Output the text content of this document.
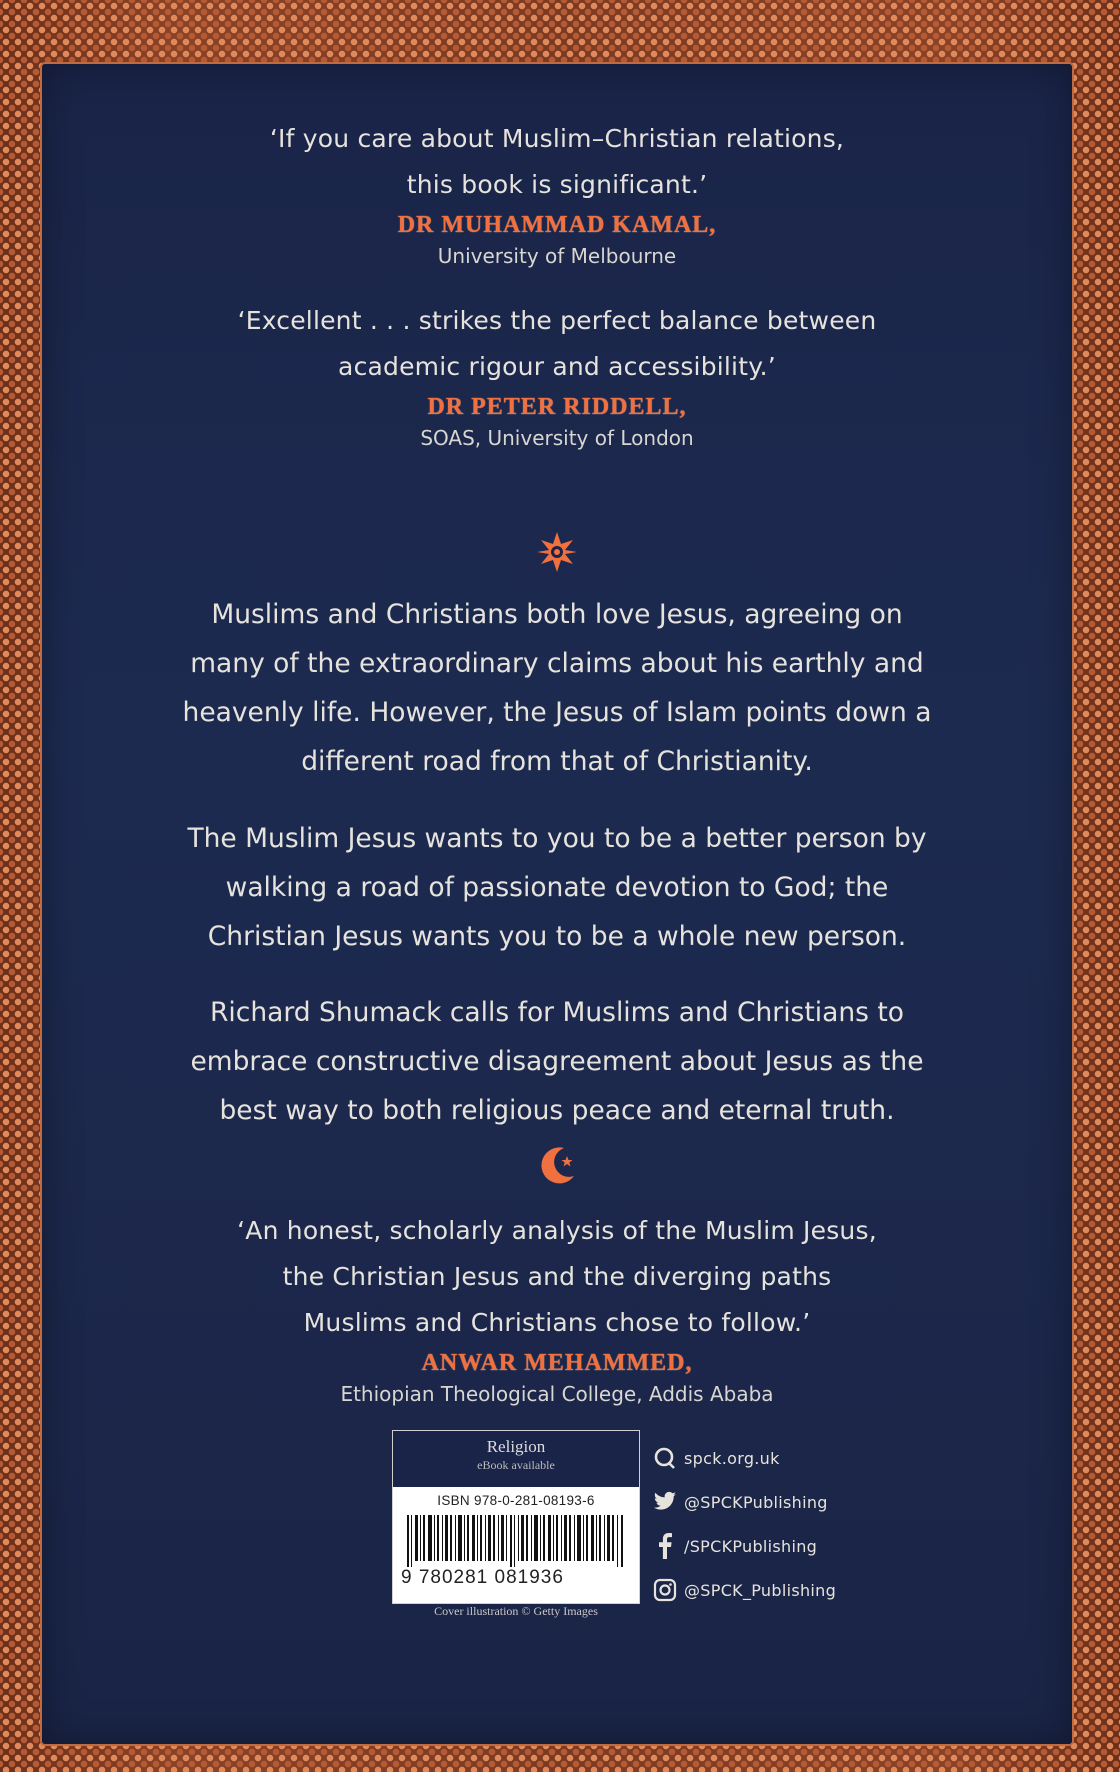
‘If you care about Muslim–Christian relations,

this book is significant.’

DR MUHAMMAD KAMAL,

University of Melbourne

‘Excellent . . . strikes the perfect balance between

academic rigour and accessibility.’

DR PETER RIDDELL,

SOAS, University of London

Muslims and Christians both love Jesus, agreeing on

many of the extraordinary claims about his earthly and

heavenly life. However, the Jesus of Islam points down a

different road from that of Christianity.

The Muslim Jesus wants to you to be a better person by

walking a road of passionate devotion to God; the

Christian Jesus wants you to be a whole new person.

Richard Shumack calls for Muslims and Christians to

embrace constructive disagreement about Jesus as the

best way to both religious peace and eternal truth.

‘An honest, scholarly analysis of the Muslim Jesus,

the Christian Jesus and the diverging paths

Muslims and Christians chose to follow.’

ANWAR MEHAMMED,

Ethiopian Theological College, Addis Ababa

Religion
eBook available
ISBN 978-0-281-08193-6
9 780281 081936
Cover illustration © Getty Images
spck.org.uk
@SPCKPublishing
/SPCKPublishing
@SPCK_Publishing
